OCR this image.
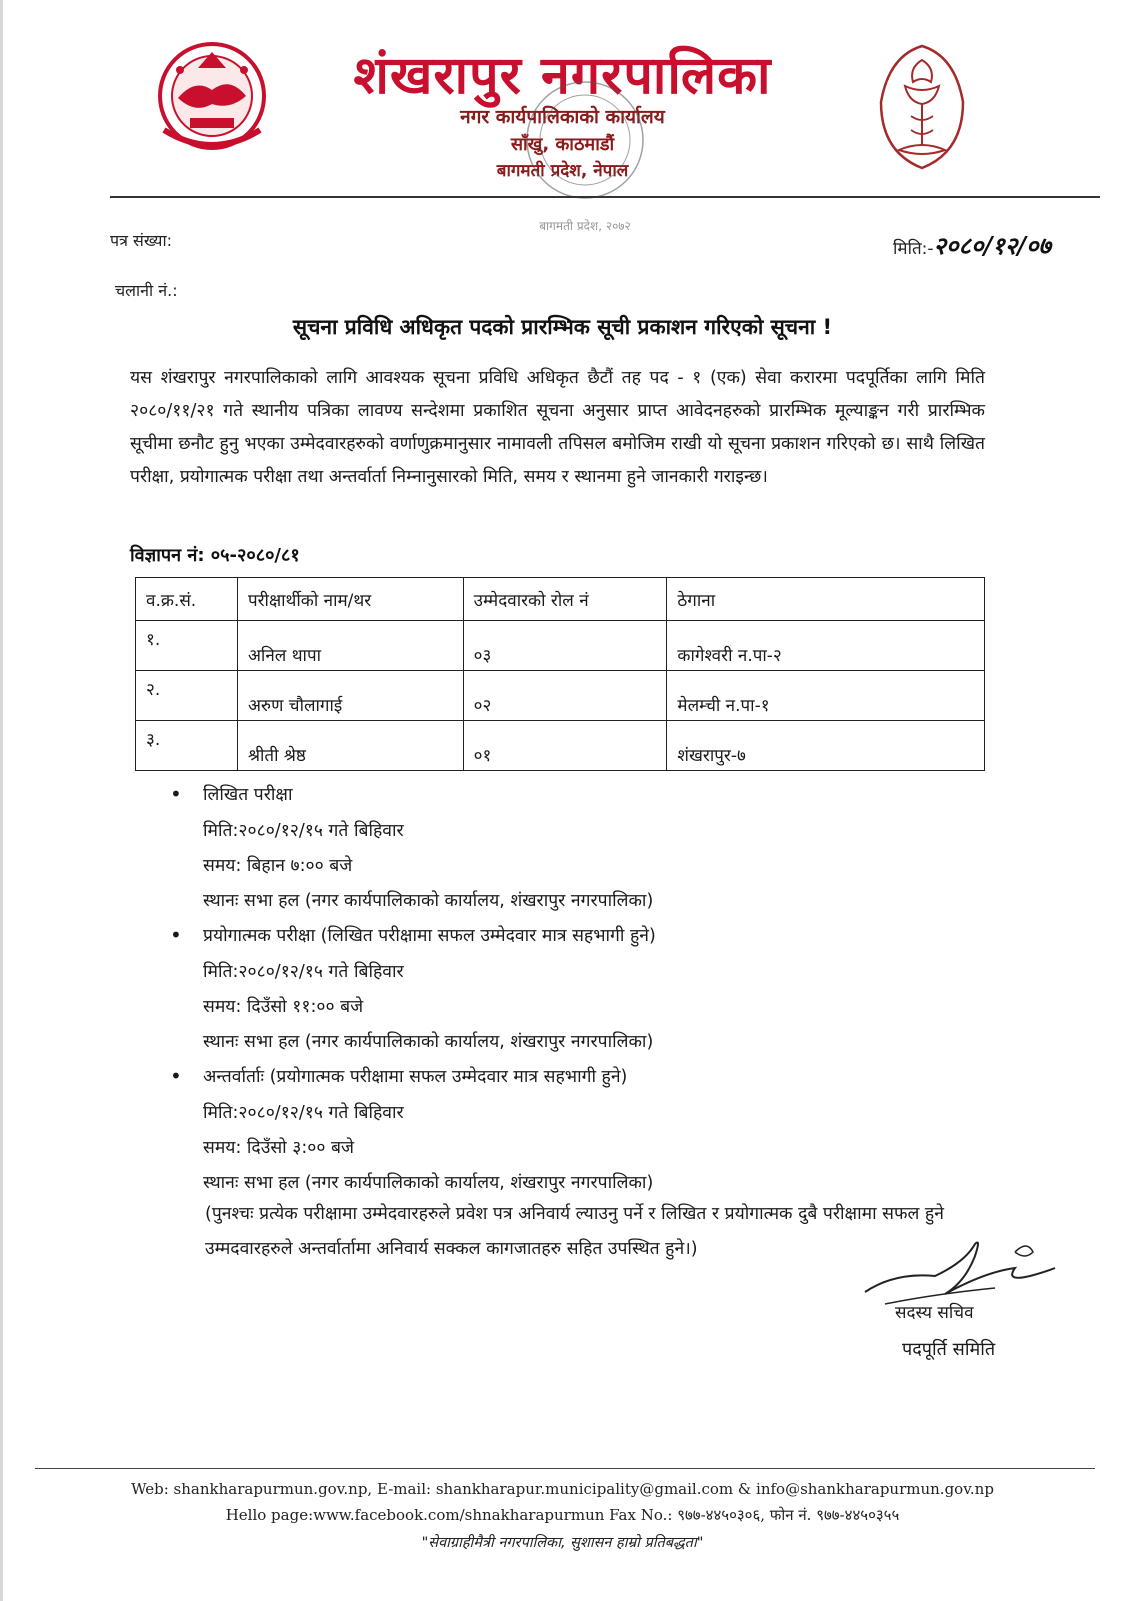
शंखरापुर नगरपालिका
नगर कार्यपालिकाको कार्यालय
साँखु, काठमाडौं
बागमती प्रदेश, नेपाल
बागमती प्रदेश, २०७२
पत्र संख्या:	मिति:-२०८०/१२/०७
चलानी नं.:
सूचना प्रविधि अधिकृत पदको प्रारम्भिक सूची प्रकाशन गरिएको सूचना !
यस शंखरापुर नगरपालिकाको लागि आवश्यक सूचना प्रविधि अधिकृत छैटौं तह पद - १ (एक) सेवा करारमा पदपूर्तिका लागि मिति २०८०/११/२१ गते स्थानीय पत्रिका लावण्य सन्देशमा प्रकाशित सूचना अनुसार प्राप्त आवेदनहरुको प्रारम्भिक मूल्याङ्कन गरी प्रारम्भिक सूचीमा छनौट हुनु भएका उम्मेदवारहरुको वर्णाणुक्रमानुसार नामावली तपिसल बमोजिम राखी यो सूचना प्रकाशन गरिएको छ। साथै लिखित परीक्षा, प्रयोगात्मक परीक्षा तथा अन्तर्वार्ता निम्नानुसारको मिति, समय र स्थानमा हुने जानकारी गराइन्छ।
विज्ञापन नं: ०५-२०८०/८१
व.क्र.सं.	परीक्षार्थीको नाम/थर	उम्मेदवारको रोल नं	ठेगाना
१.	अनिल थापा	०३	कागेश्वरी न.पा-२
२.	अरुण चौलागाई	०२	मेलम्ची न.पा-१
३.	श्रीती श्रेष्ठ	०१	शंखरापुर-७
• लिखित परीक्षा
मिति:२०८०/१२/१५ गते बिहिवार
समय: बिहान ७:०० बजे
स्थानः सभा हल (नगर कार्यपालिकाको कार्यालय, शंखरापुर नगरपालिका)
• प्रयोगात्मक परीक्षा (लिखित परीक्षामा सफल उम्मेदवार मात्र सहभागी हुने)
मिति:२०८०/१२/१५ गते बिहिवार
समय: दिउँसो ११:०० बजे
स्थानः सभा हल (नगर कार्यपालिकाको कार्यालय, शंखरापुर नगरपालिका)
• अन्तर्वार्ताः (प्रयोगात्मक परीक्षामा सफल उम्मेदवार मात्र सहभागी हुने)
मिति:२०८०/१२/१५ गते बिहिवार
समय: दिउँसो ३:०० बजे
स्थानः सभा हल (नगर कार्यपालिकाको कार्यालय, शंखरापुर नगरपालिका)
(पुनश्चः प्रत्येक परीक्षामा उम्मेदवारहरुले प्रवेश पत्र अनिवार्य ल्याउनु पर्ने र लिखित र प्रयोगात्मक दुबै परीक्षामा सफल हुने उम्मदवारहरुले अन्तर्वार्तामा अनिवार्य सक्कल कागजातहरु सहित उपस्थित हुने।)
सदस्य सचिव
पदपूर्ति समिति
Web: shankharapurmun.gov.np, E-mail: shankharapur.municipality@gmail.com & info@shankharapurmun.gov.np
Hello page:www.facebook.com/shnakharapurmun Fax No.: ९७७-४४५०३०६, फोन नं. ९७७-४४५०३५५
"सेवाग्राहीमैत्री नगरपालिका, सुशासन हाम्रो प्रतिबद्धता"
